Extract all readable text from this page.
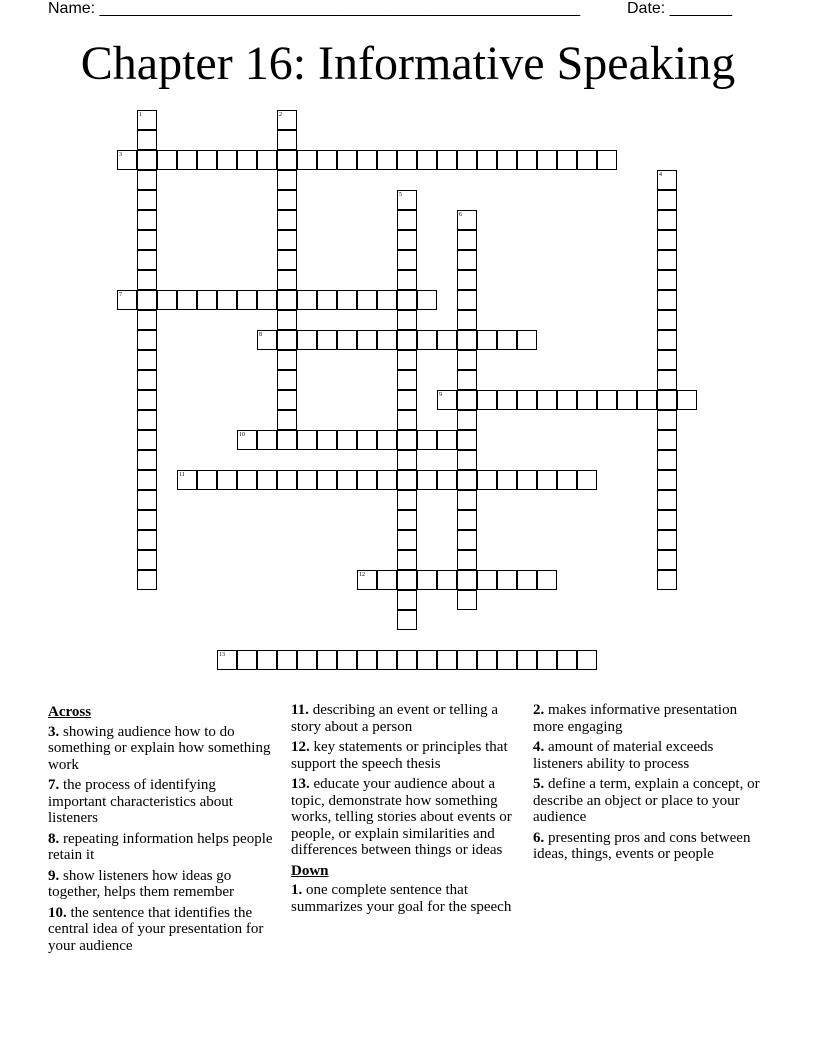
Name: ______________________________________________________	Date: _______
Chapter 16: Informative Speaking
1	2
3
4
5
6
7
8
9
10
11
12
13
Across
3. showing audience how to do something or explain how something work
7. the process of identifying important characteristics about listeners
8. repeating information helps people retain it
9. show listeners how ideas go together, helps them remember
10. the sentence that identifies the central idea of your presentation for your audience
11. describing an event or telling a story about a person
12. key statements or principles that support the speech thesis
13. educate your audience about a topic, demonstrate how something works, telling stories about events or people, or explain similarities and differences between things or ideas
Down
1. one complete sentence that summarizes your goal for the speech
2. makes informative presentation more engaging
4. amount of material exceeds listeners ability to process
5. define a term, explain a concept, or describe an object or place to your audience
6. presenting pros and cons between ideas, things, events or people
